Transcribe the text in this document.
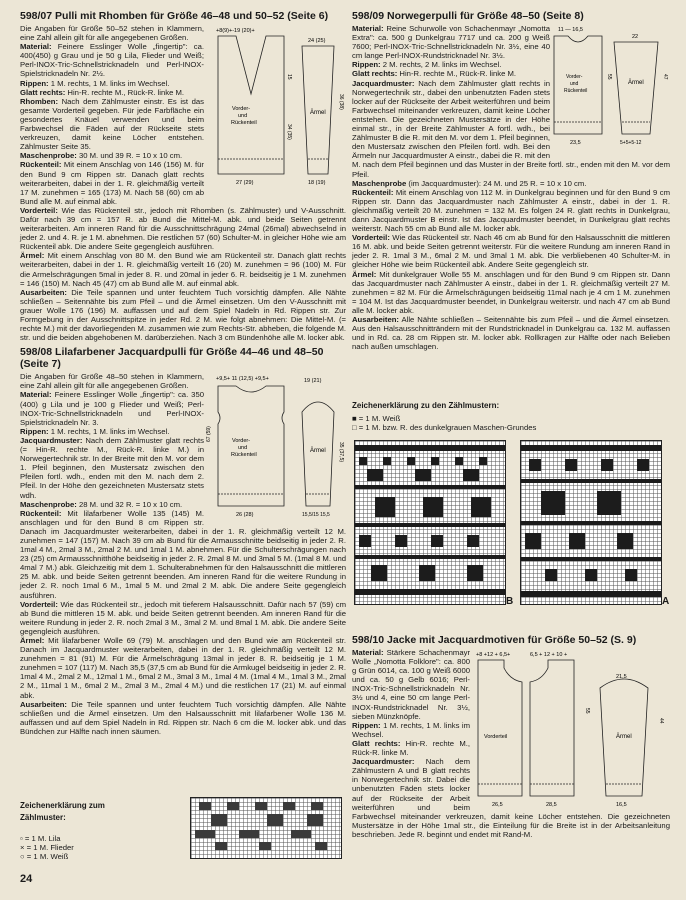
598/07 Pulli mit Rhomben für Größe 46–48 und 50–52 (Seite 6)
+8(9)+-19 (20)+
Vorder-
und
Rückenteil
27 (29)
24 (25)
Ärmel
18 (19)
15
34 (35)
36 (38)

Die Angaben für Größe 50–52 stehen in Klammern, eine Zahl allein gilt für alle angegebenen Größen.

Material: Feinere Esslinger Wolle „fingertip": ca. 400(450) g Grau und je 50 g Lila, Flieder und Weiß; Perl-INOX-Tric-Schnellstricknadeln und Perl-INOX-Spielstricknadeln Nr. 2½.

Rippen: 1 M. rechts, 1 M. links im Wechsel.

Glatt rechts: Hin-R. rechte M., Rück-R. linke M.

Rhomben: Nach dem Zählmuster einstr. Es ist das gesamte Vorderteil gegeben. Für jede Farbfläche ein gesondertes Knäuel verwenden und beim Farbwechsel die Fäden auf der Rückseite stets verkreuzen, damit keine Löcher entstehen. Zählmuster Seite 35.

Maschenprobe: 30 M. und 39 R. = 10 x 10 cm.

Rückenteil: Mit einem Anschlag von 146 (156) M. für den Bund 9 cm Rippen str. Danach glatt rechts weiterarbeiten, dabei in der 1. R. gleichmäßig verteilt 17 M. zunehmen = 165 (173) M. Nach 58 (60) cm ab Bund alle M. auf einmal abk.

Vorderteil: Wie das Rückenteil str., jedoch mit Rhomben (s. Zählmuster) und V-Ausschnitt. Dafür nach 39 cm = 157 R. ab Bund die Mittel-M. abk. und beide Seiten getrennt weiterarbeiten. Am inneren Rand für die Ausschnittschrägung 24mal (26mal) abwechselnd in jeder 2. und 4. R. je 1 M. abnehmen. Die restlichen 57 (60) Schulter-M. in gleicher Höhe wie am Rückenteil abk. Die andere Seite gegengleich ausführen.

Ärmel: Mit einem Anschlag von 80 M. den Bund wie am Rückenteil str. Danach glatt rechts weiterarbeiten, dabei in der 1. R. gleichmäßig verteilt 16 (20) M. zunehmen = 96 (100) M. Für die Armelschrägungen 5mal in jeder 8. R. und 20mal in jeder 6. R. beidseitig je 1 M. zunehmen = 146 (150) M. Nach 45 (47) cm ab Bund alle M. auf einmal abk.

Ausarbeiten: Die Teile spannen und unter feuchtem Tuch vorsichtig dämpfen. Alle Nähte schließen – Seitennähte bis zum Pfeil – und die Ärmel einsetzen. Um den V-Ausschnitt mit grauer Wolle 176 (196) M. auffassen und auf dem Spiel Nadeln in Rd. Rippen str. Zur Formgebung in der Ausschnittspitze in jeder Rd. 2 M. wie folgt abnehmen: Die Mittel-M. (= rechte M.) mit der davorliegenden M. zusammen wie zum Rechts-Str. abheben, die folgende M. str. und die beiden abgehobenen M. darüberziehen. Nach 3 cm Bündenhöhe alle M. locker abk.

598/08 Lilafarbener Jacquardpulli für Größe 44–46 und 48–50 (Seite 7)
+9,5+ 11 (12,5) +9,5+	19 (21)
Vorder-
und
Rückenteil
26 (28)
Ärmel
15,5/15 15,5
67 (59)
35 (37,5)

Die Angaben für Größe 48–50 stehen in Klammern, eine Zahl allein gilt für alle angegebenen Größen.

Material: Feinere Esslinger Wolle „fingertip": ca. 350 (400) g Lila und je 100 g Flieder und Weiß; Perl-INOX-Tric-Schnellstricknadeln und Perl-INOX-Spielstricknadeln Nr. 3.

Rippen: 1 M. rechts, 1 M. links im Wechsel.

Jacquardmuster: Nach dem Zählmuster glatt rechts (= Hin-R. rechte M., Rück-R. linke M.) in Norwegertechnik str. In der Breite mit den M. vor dem 1. Pfeil beginnen, den Mustersatz zwischen den Pfeilen fortl. wdh., enden mit den M. nach dem 2. Pfeil. In der Höhe den gezeichneten Mustersatz stets wdh.

Maschenprobe: 28 M. und 32 R. = 10 x 10 cm.

Rückenteil: Mit lilafarbener Wolle 135 (145) M. anschlagen und für den Bund 8 cm Rippen str. Danach im Jacquardmuster weiterarbeiten, dabei in der 1. R. gleichmäßig verteilt 12 M. zunehmen = 147 (157) M. Nach 39 cm ab Bund für die Armausschnitte beidseitig in jeder 2. R. 1mal 4 M., 2mal 3 M., 2mal 2 M. und 1mal 1 M. abnehmen. Für die Schulterschrägungen nach 23 (25) cm Armausschnitthöhe beidseitig in jeder 2. R. 2mal 8 M. und 3mal 5 M. (1mal 8 M. und 4mal 7 M.) abk. Gleichzeitig mit dem 1. Schulterabnehmen für den Halsausschnitt die mittleren 25 M. abk. und beide Seiten getrennt beenden. Am inneren Rand für die weitere Rundung in jeder 2. R. noch 1mal 6 M., 1mal 5 M. und 2mal 2 M. abk. Die andere Seite gegengleich ausführen.

Vorderteil: Wie das Rückenteil str., jedoch mit tieferem Halsausschnitt. Dafür nach 57 (59) cm ab Bund die mittleren 15 M. abk. und beide Seiten getrennt beenden. Am inneren Rand für die weitere Rundung in jeder 2. R. noch 2mal 3 M., 3mal 2 M. und 8mal 1 M. abk. Die andere Seite gegengleich ausführen.

Ärmel: Mit lilafarbener Wolle 69 (79) M. anschlagen und den Bund wie am Rückenteil str. Danach im Jacquardmuster weiterarbeiten, dabei in der 1. R. gleichmäßig verteilt 12 M. zunehmen = 81 (91) M. Für die Ärmelschrägung 13mal in jeder 8. R. beidseitig je 1 M. zunehmen = 107 (117) M. Nach 35,5 (37,5 cm ab Bund für die Armkugel beidseitig in jeder 2. R. 1mal 4 M., 2mal 2 M., 12mal 1 M., 6mal 2 M., 3mal 3 M., 1mal 4 M. (1mal 4 M., 1mal 3 M., 2mal 2 M., 11mal 1 M., 6mal 2 M., 2mal 3 M., 2mal 4 M.) und die restlichen 17 (21) M. auf einmal abk.

Ausarbeiten: Die Teile spannen und unter feuchtem Tuch vorsichtig dämpfen. Alle Nähte schließen und die Ärmel einsetzen. Um den Halsausschnitt mit lilafarbener Wolle 136 M. auffassen und auf dem Spiel Nadeln in Rd. Rippen str. Nach 6 cm die M. locker abk. und das Bündchen zur Hälfte nach innen säumen.

Zeichenerklärung zum Zählmuster:
▫ = 1 M. Lila
× = 1 M. Flieder
○ = 1 M. Weiß
24
598/09 Norwegerpulli für Größe 48–50 (Seite 8)
11 — 16,5
Vorder-
und
Rückenteil
23,5
22
Ärmel
5+5+5-12
55	47

Material: Reine Schurwolle von Schachenmayr „Nomotta Extra": ca. 500 g Dunkelgrau 7717 und ca. 200 g Weiß 7600; Perl-INOX-Tric-Schnellstricknadeln Nr. 3½, eine 40 cm lange Perl-INOX-Rundstricknadel Nr. 3½.

Rippen: 2 M. rechts, 2 M. links im Wechsel.

Glatt rechts: Hin-R. rechte M., Rück-R. linke M.

Jacquardmuster: Nach dem Zählmuster glatt rechts in Norwegertechnik str., dabei den unbenutzten Faden stets locker auf der Rückseite der Arbeit weiterführen und beim Farbwechsel miteinander verkreuzen, damit keine Löcher entstehen. Die gezeichneten Mustersätze in der Höhe einmal str., in der Breite Zählmuster A fortl. wdh., bei Zählmuster B die R. mit den M. vor dem 1. Pfeil beginnen, den Mustersatz zwischen den Pfeilen fortl. wdh. Bei den Ärmeln nur Jacquardmuster A einstr., dabei die R. mit den M. nach dem Pfeil beginnen und das Muster in der Breite fortl. str., enden mit den M. vor dem Pfeil.

Maschenprobe (im Jacquardmuster): 24 M. und 25 R. = 10 x 10 cm.

Rückenteil: Mit einem Anschlag von 112 M. in Dunkelgrau beginnen und für den Bund 9 cm Rippen str. Dann das Jacquardmuster nach Zählmuster A einstr., dabei in der 1. R. gleichmäßig verteilt 20 M. zunehmen = 132 M. Es folgen 24 R. glatt rechts in Dunkelgrau, dann Jacquardmuster B einstr. Ist das Jacquardmuster beendet, in Dunkelgrau glatt rechts weiterstr. Nach 55 cm ab Bund alle M. locker abk.

Vorderteil: Wie das Rückenteil str. Nach 46 cm ab Bund für den Halsausschnitt die mittleren 16 M. abk. und beide Seiten getrennt weiterstr. Für die weitere Rundung am inneren Rand in jeder 2. R. 1mal 3 M., 6mal 2 M. und 3mal 1 M. abk. Die verbliebenen 40 Schulter-M. in gleicher Höhe wie beim Rückenteil abk. Andere Seite gegengleich str.

Ärmel: Mit dunkelgrauer Wolle 55 M. anschlagen und für den Bund 9 cm Rippen str. Dann das Jacquardmuster nach Zählmuster A einstr., dabei in der 1. R. gleichmäßig verteilt 27 M. zunehmen = 82 M. Für die Ärmelschrägungen beidseitig 11mal nach je 4 cm 1 M. zunehmen = 104 M. Ist das Jacquardmuster beendet, in Dunkelgrau weiterstr. und nach 47 cm ab Bund alle M. locker abk.

Ausarbeiten: Alle Nähte schließen – Seitennähte bis zum Pfeil – und die Ärmel einsetzen. Aus den Halsausschnitträndern mit der Rundstricknadel in Dunkelgrau ca. 132 M. auffassen und in Rd. ca. 28 cm Rippen str. M. locker abk. Rollkragen zur Hälfte oder nach Belieben nach außen umschlagen.

Zeichenerklärung zu den Zählmustern:
■ = 1 M. Weiß
□ = 1 M. bzw. R. des dunkelgrauen Maschen-Grundes
B	A
598/10 Jacke mit Jacquardmotiven für Größe 50–52 (S. 9)
+8 +12 + 6,5+	6,5 + 12 + 10 +
Vorderteil	Ärmel
21,5
26,5	28,5	16,5
55
44

Material: Stärkere Schachenmayr Wolle „Nomotta Folklore": ca. 800 g Grün 6014, ca. 100 g Weiß 6000 und ca. 50 g Gelb 6016; Perl-INOX-Tric-Schnellstricknadeln Nr. 3½ und 4, eine 50 cm lange Perl-INOX-Rundstricknadel Nr. 3½, sieben Münzknöpfe.

Rippen: 1 M. rechts, 1 M. links im Wechsel.

Glatt rechts: Hin-R. rechte M., Rück-R. linke M.

Jacquardmuster: Nach dem Zählmustern A und B glatt rechts in Norwegertechnik str. Dabei die unbenutzten Fäden stets locker auf der Rückseite der Arbeit weiterführen und beim Farbwechsel miteinander verkreuzen, damit keine Löcher entstehen. Die gezeichneten Mustersätze in der Höhe 1mal str., die Einteilung für die Breite ist in der Arbeitsanleitung beschrieben. Jede R. beginnt und endet mit Rand-M.
